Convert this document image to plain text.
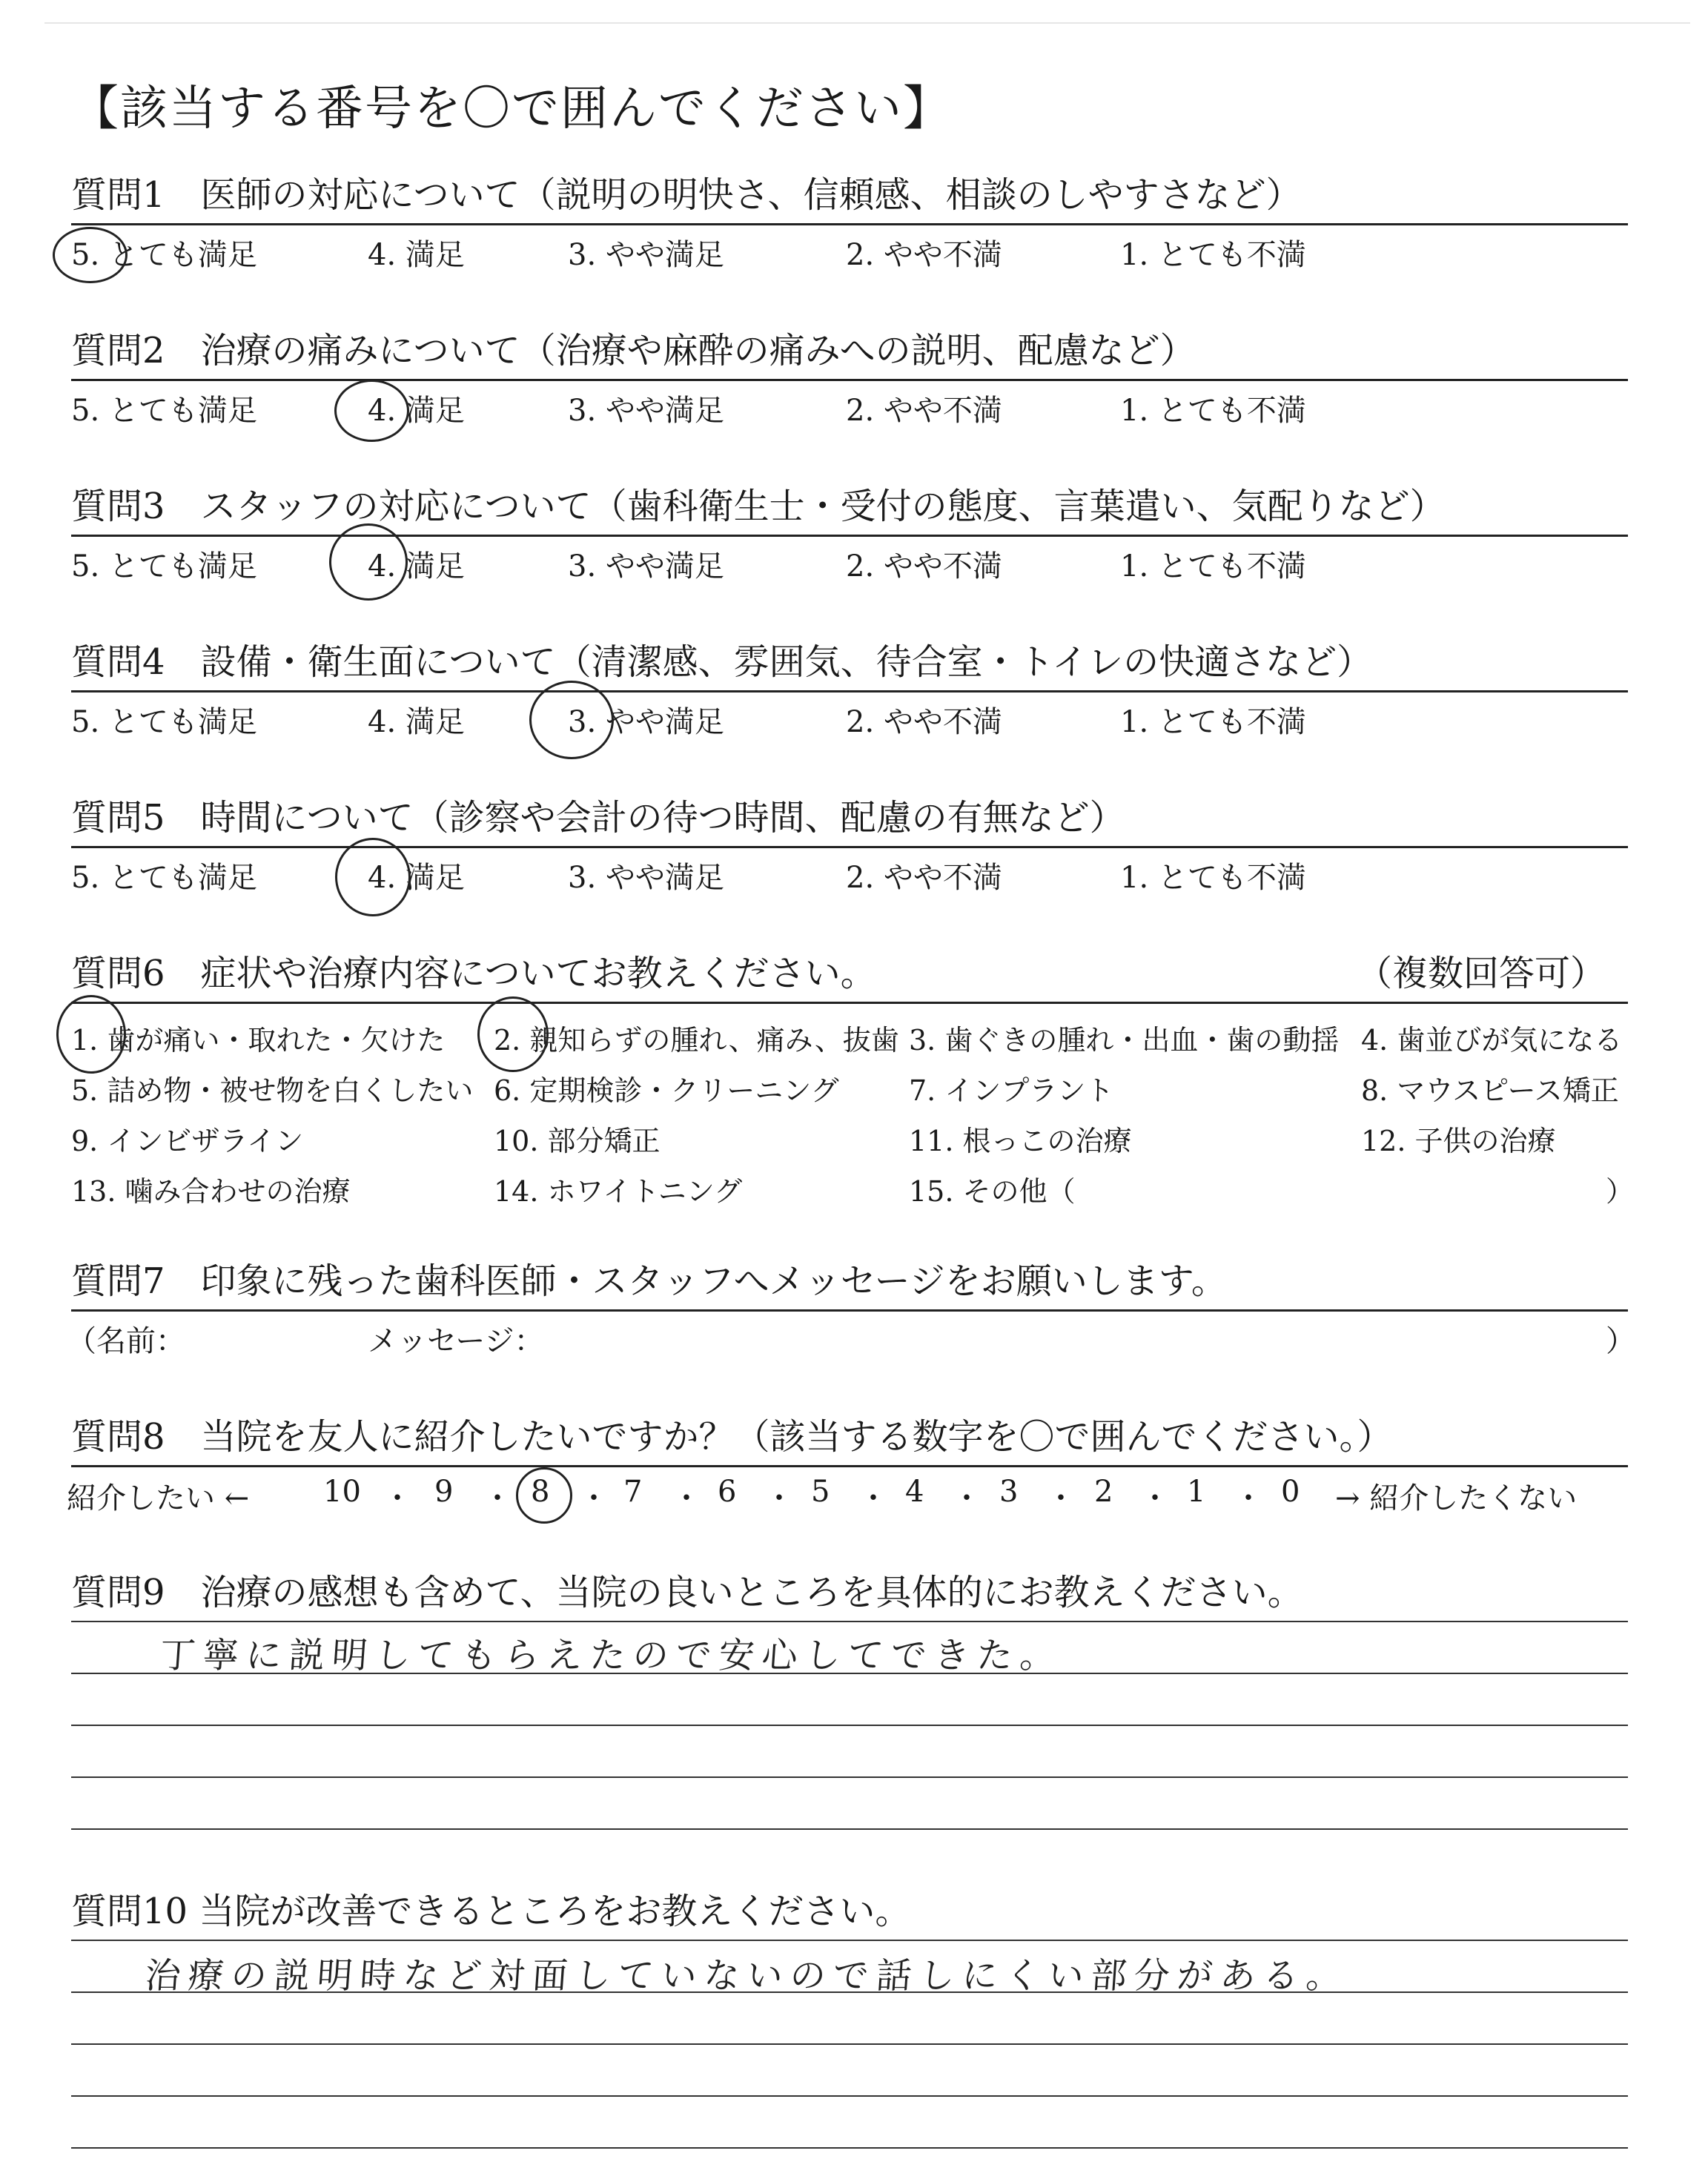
【該当する番号を〇で囲んでください】
質問1　医師の対応について（説明の明快さ、信頼感、相談のしやすさなど）
5. とても満足	4. 満足	3. やや満足	2. やや不満	1. とても不満
質問2　治療の痛みについて（治療や麻酔の痛みへの説明、配慮など）
5. とても満足	4. 満足	3. やや満足	2. やや不満	1. とても不満
質問3　スタッフの対応について（歯科衛生士・受付の態度、言葉遣い、気配りなど）
5. とても満足	4. 満足	3. やや満足	2. やや不満	1. とても不満
質問4　設備・衛生面について（清潔感、雰囲気、待合室・トイレの快適さなど）
5. とても満足	4. 満足	3. やや満足	2. やや不満	1. とても不満
質問5　時間について（診察や会計の待つ時間、配慮の有無など）
5. とても満足	4. 満足	3. やや満足	2. やや不満	1. とても不満
質問6　症状や治療内容についてお教えください。	（複数回答可）
1. 歯が痛い・取れた・欠けた 2. 親知らずの腫れ、痛み、抜歯 3. 歯ぐきの腫れ・出血・歯の動揺 4. 歯並びが気になる
5. 詰め物・被せ物を白くしたい 6. 定期検診・クリーニング 7. インプラント	8. マウスピース矯正
9. インビザライン	10. 部分矯正	11. 根っこの治療	12. 子供の治療
13. 噛み合わせの治療	14. ホワイトニング	15. その他（	）
質問7　印象に残った歯科医師・スタッフへメッセージをお願いします。
（名前：	メッセージ：	）
質問8　当院を友人に紹介したいですか？（該当する数字を〇で囲んでください。）
紹介したい ← 10 ・ 9 ・ 8 ・ 7 ・ 6 ・ 5 ・ 4 ・ 3 ・ 2 ・ 1 ・ 0 → 紹介したくない
質問9　治療の感想も含めて、当院の良いところを具体的にお教えください。
丁寧に説明してもらえたので安心してできた。
質問10 当院が改善できるところをお教えください。
治療の説明時など対面していないので話しにくい部分がある。
